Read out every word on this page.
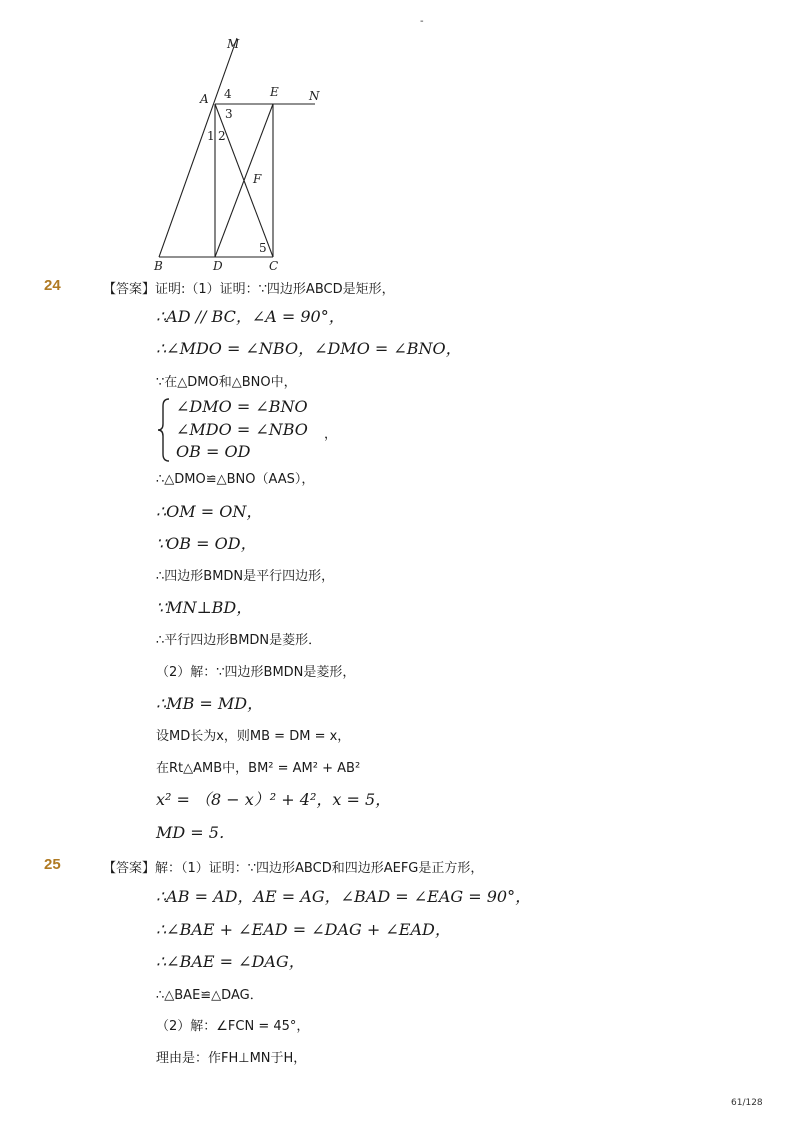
-
M
A	E	N
F
B	D	C
4
3
1 2
5
24	【答案】证明:（1）证明：∵四边形ABCD是矩形，
∴AD // BC，∠A = 90°，
∴∠MDO = ∠NBO，∠DMO = ∠BNO，
∵在△DMO和△BNO中，
∠DMO = ∠BNO
∠MDO = ∠NBO
OB = OD
，
∴△DMO≌△BNO（AAS），
∴OM = ON，
∵OB = OD，
∴四边形BMDN是平行四边形，
∵MN⊥BD，
∴平行四边形BMDN是菱形．
（2）解：∵四边形BMDN是菱形，
∴MB = MD，
设MD长为x，则MB = DM = x，
在Rt△AMB中，BM² = AM² + AB²
x² = （8 − x）² + 4²，x = 5，
MD = 5．
25	【答案】解：（1）证明：∵四边形ABCD和四边形AEFG是正方形，
∴AB = AD，AE = AG，∠BAD = ∠EAG = 90°，
∴∠BAE + ∠EAD = ∠DAG + ∠EAD，
∴∠BAE = ∠DAG，
∴△BAE≌△DAG．
（2）解：∠FCN = 45°，
理由是：作FH⊥MN于H，
61/128
